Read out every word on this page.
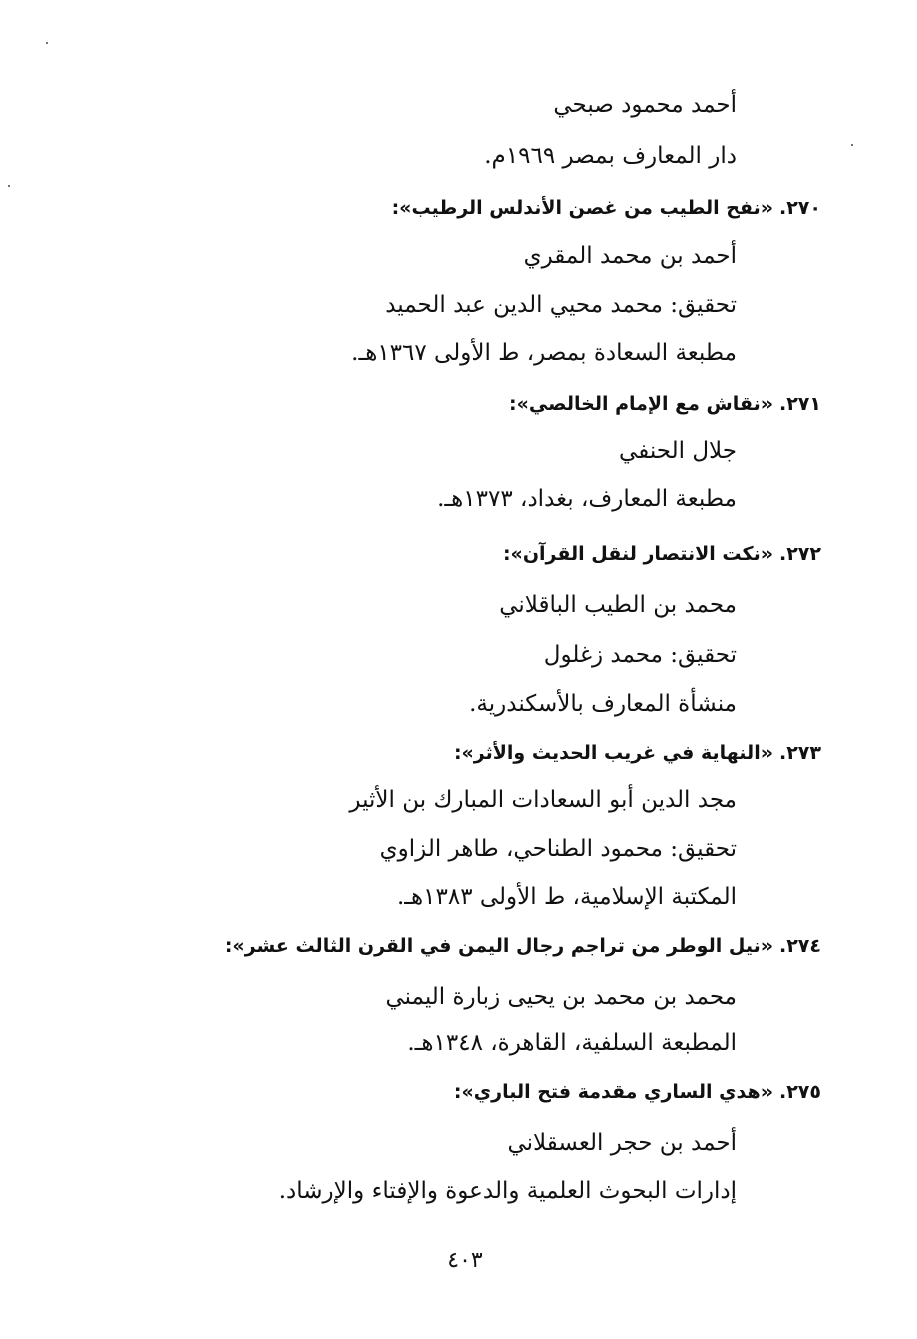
أحمد محمود صبحي
دار المعارف بمصر ١٩٦٩م.
٢٧٠.«نفح الطيب من غصن الأندلس الرطيب»:
أحمد بن محمد المقري
تحقيق: محمد محيي الدين عبد الحميد
مطبعة السعادة بمصر، ط الأولى ١٣٦٧هـ.
٢٧١.«نقاش مع الإمام الخالصي»:
جلال الحنفي
مطبعة المعارف، بغداد، ١٣٧٣هـ.
٢٧٢.«نكت الانتصار لنقل القرآن»:
محمد بن الطيب الباقلاني
تحقيق: محمد زغلول
منشأة المعارف بالأسكندرية.
٢٧٣.«النهاية في غريب الحديث والأثر»:
مجد الدين أبو السعادات المبارك بن الأثير
تحقيق: محمود الطناحي، طاهر الزاوي
المكتبة الإسلامية، ط الأولى ١٣٨٣هـ.
٢٧٤.«نيل الوطر من تراجم رجال اليمن في القرن الثالث عشر»:
محمد بن محمد بن يحيى زبارة اليمني
المطبعة السلفية، القاهرة، ١٣٤٨هـ.
٢٧٥.«هدي الساري مقدمة فتح الباري»:
أحمد بن حجر العسقلاني
إدارات البحوث العلمية والدعوة والإفتاء والإرشاد.
٤٠٣
